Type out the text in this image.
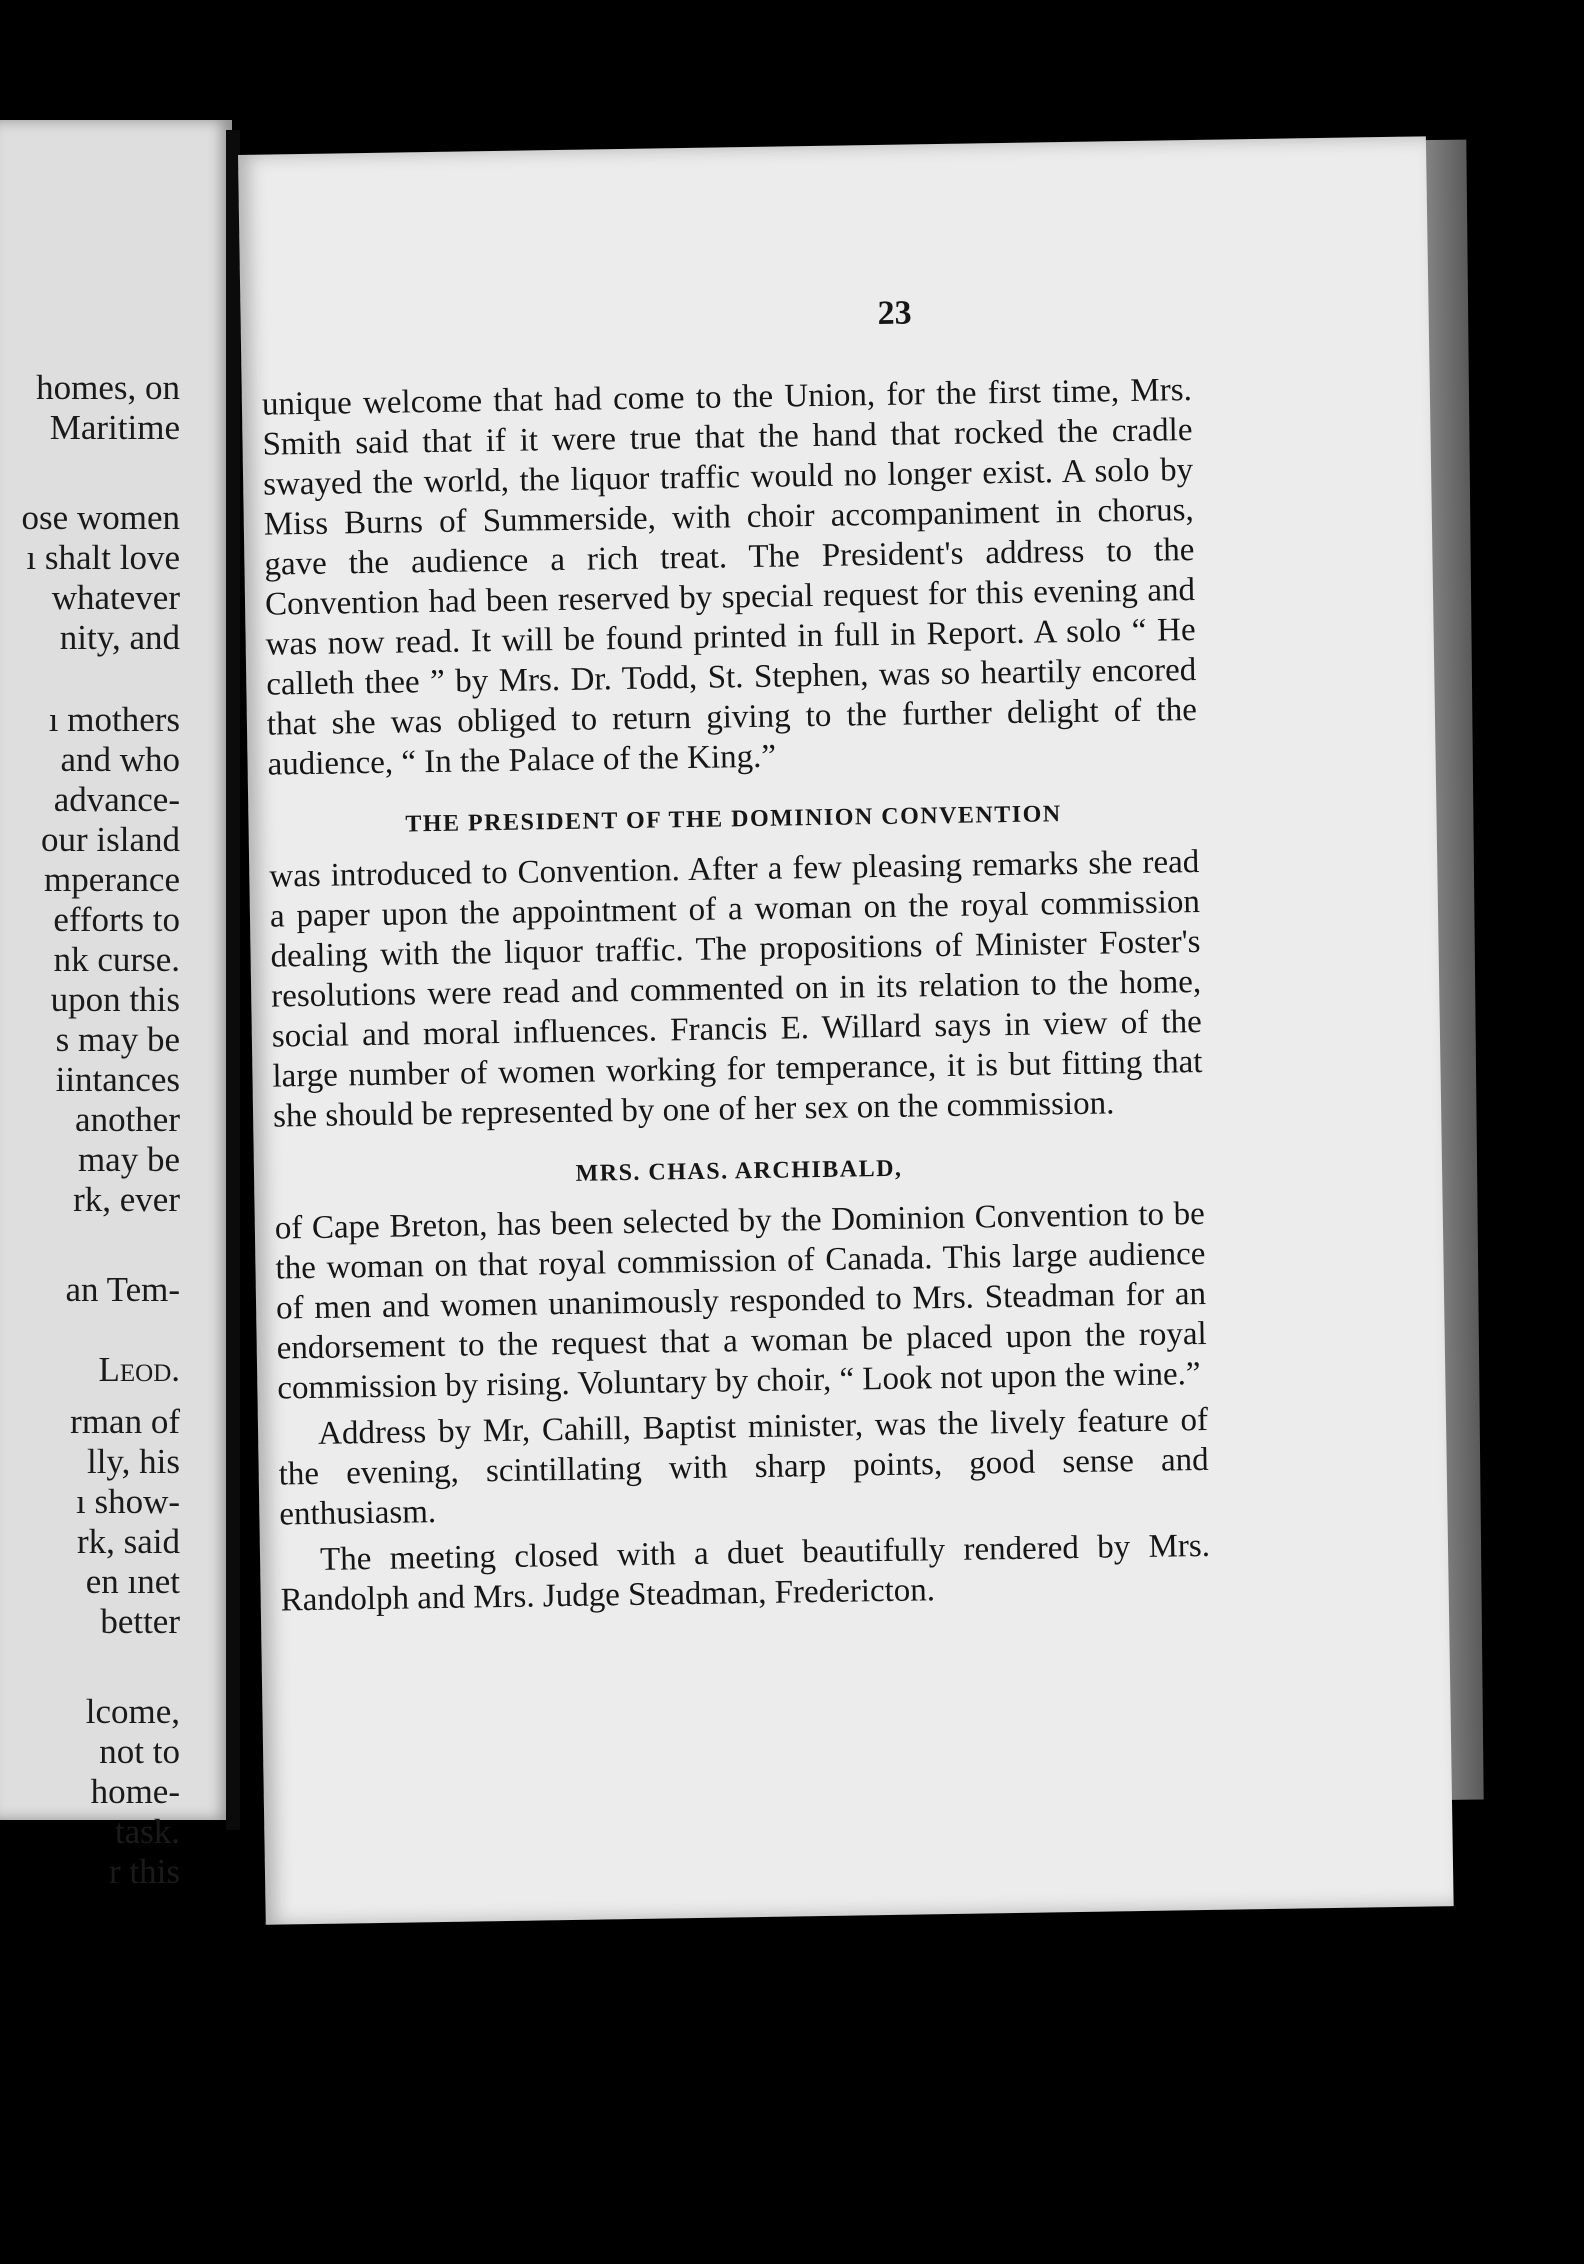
homes, on
Maritime
ose women
ı shalt love
whatever
nity, and
ı mothers
and who
advance-
our island
mperance
efforts to
nk curse.
upon this
s may be
iintances
another
may be
rk, ever
an Tem-
Leod.
rman of
lly, his
ı show-
rk, said
en ınet
better
lcome,
not to
home-
task.
r this
23

unique welcome that had come to the Union, for the first time, Mrs. Smith said that if it were true that the hand that rocked the cradle swayed the world, the liquor traffic would no longer exist. A solo by Miss Burns of Summerside, with choir accompaniment in chorus, gave the audience a rich treat. The President's address to the Convention had been reserved by special request for this evening and was now read. It will be found printed in full in Report. A solo “ He calleth thee ” by Mrs. Dr. Todd, St. Stephen, was so heartily encored that she was obliged to return giving to the further delight of the audience, “ In the Palace of the King.”

THE PRESIDENT OF THE DOMINION CONVENTION

was introduced to Convention. After a few pleasing remarks she read a paper upon the appointment of a woman on the royal commission dealing with the liquor traffic. The propositions of Minister Foster's resolutions were read and commented on in its relation to the home, social and moral influences. Francis E. Willard says in view of the large number of women working for temperance, it is but fitting that she should be represented by one of her sex on the commission.

MRS. CHAS. ARCHIBALD,

of Cape Breton, has been selected by the Dominion Convention to be the woman on that royal commission of Canada. This large audience of men and women unanimously responded to Mrs. Steadman for an endorsement to the request that a woman be placed upon the royal commission by rising. Voluntary by choir, “ Look not upon the wine.”

Address by Mr, Cahill, Baptist minister, was the lively feature of the evening, scintillating with sharp points, good sense and enthusiasm.

The meeting closed with a duet beautifully rendered by Mrs. Randolph and Mrs. Judge Steadman, Fredericton.
